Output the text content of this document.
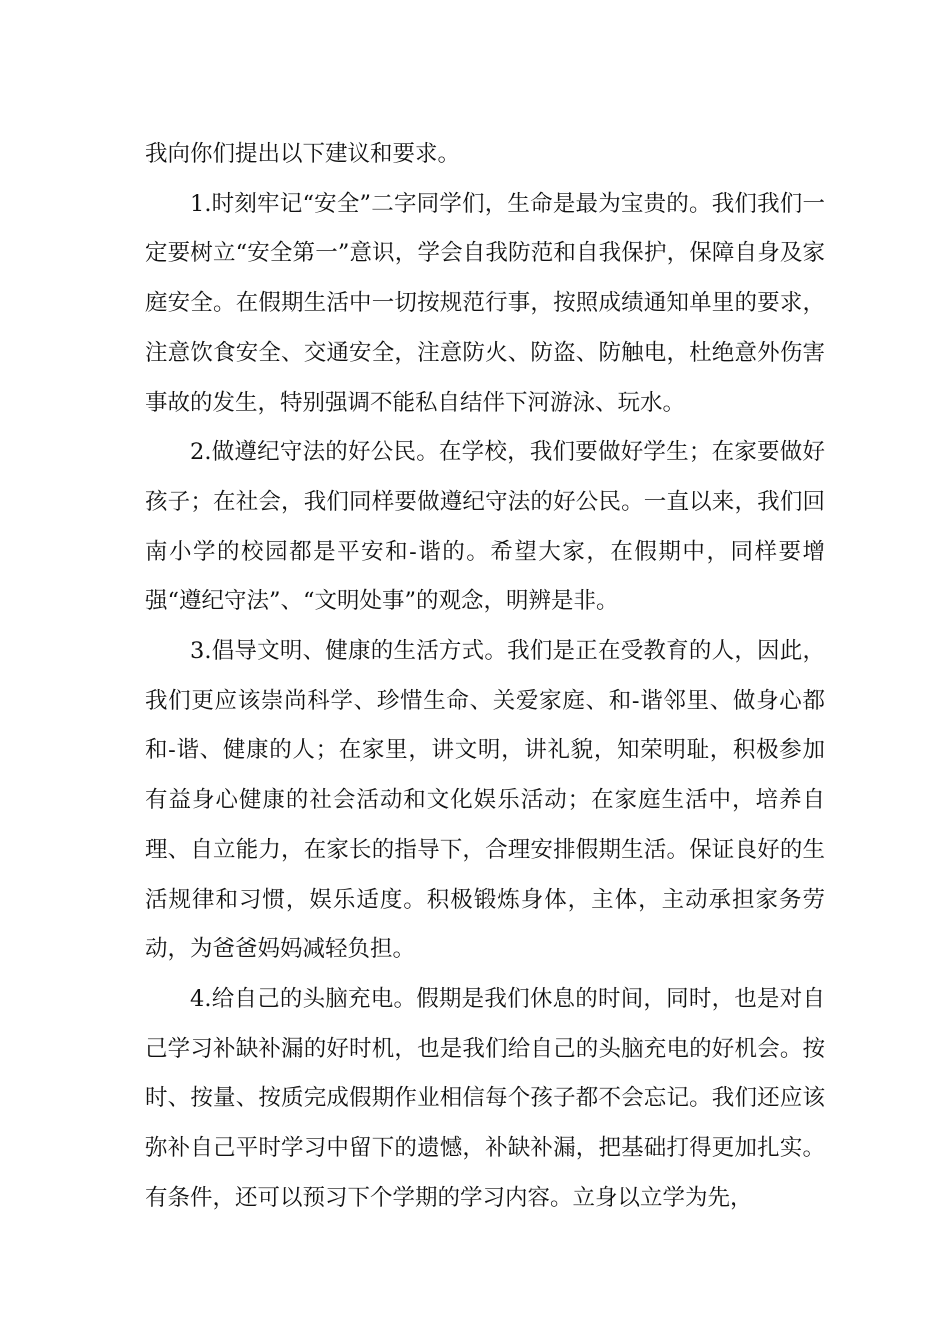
我向你们提出以下建议和要求。

1.时刻牢记“安全”二字同学们，生命是最为宝贵的。我们我们一定要树立“安全第一”意识，学会自我防范和自我保护，保障自身及家庭安全。在假期生活中一切按规范行事，按照成绩通知单里的要求，注意饮食安全、交通安全，注意防火、防盗、防触电，杜绝意外伤害事故的发生，特别强调不能私自结伴下河游泳、玩水。

2.做遵纪守法的好公民。在学校，我们要做好学生；在家要做好孩子；在社会，我们同样要做遵纪守法的好公民。一直以来，我们回南小学的校园都是平安和-谐的。希望大家，在假期中，同样要增强“遵纪守法”、“文明处事”的观念，明辨是非。

3.倡导文明、健康的生活方式。我们是正在受教育的人，因此，我们更应该崇尚科学、珍惜生命、关爱家庭、和-谐邻里、做身心都和-谐、健康的人；在家里，讲文明，讲礼貌，知荣明耻，积极参加有益身心健康的社会活动和文化娱乐活动；在家庭生活中，培养自理、自立能力，在家长的指导下，合理安排假期生活。保证良好的生活规律和习惯，娱乐适度。积极锻炼身体，主体，主动承担家务劳动，为爸爸妈妈减轻负担。

4.给自己的头脑充电。假期是我们休息的时间，同时，也是对自己学习补缺补漏的好时机，也是我们给自己的头脑充电的好机会。按时、按量、按质完成假期作业相信每个孩子都不会忘记。我们还应该弥补自己平时学习中留下的遗憾，补缺补漏，把基础打得更加扎实。有条件，还可以预习下个学期的学习内容。立身以立学为先，
